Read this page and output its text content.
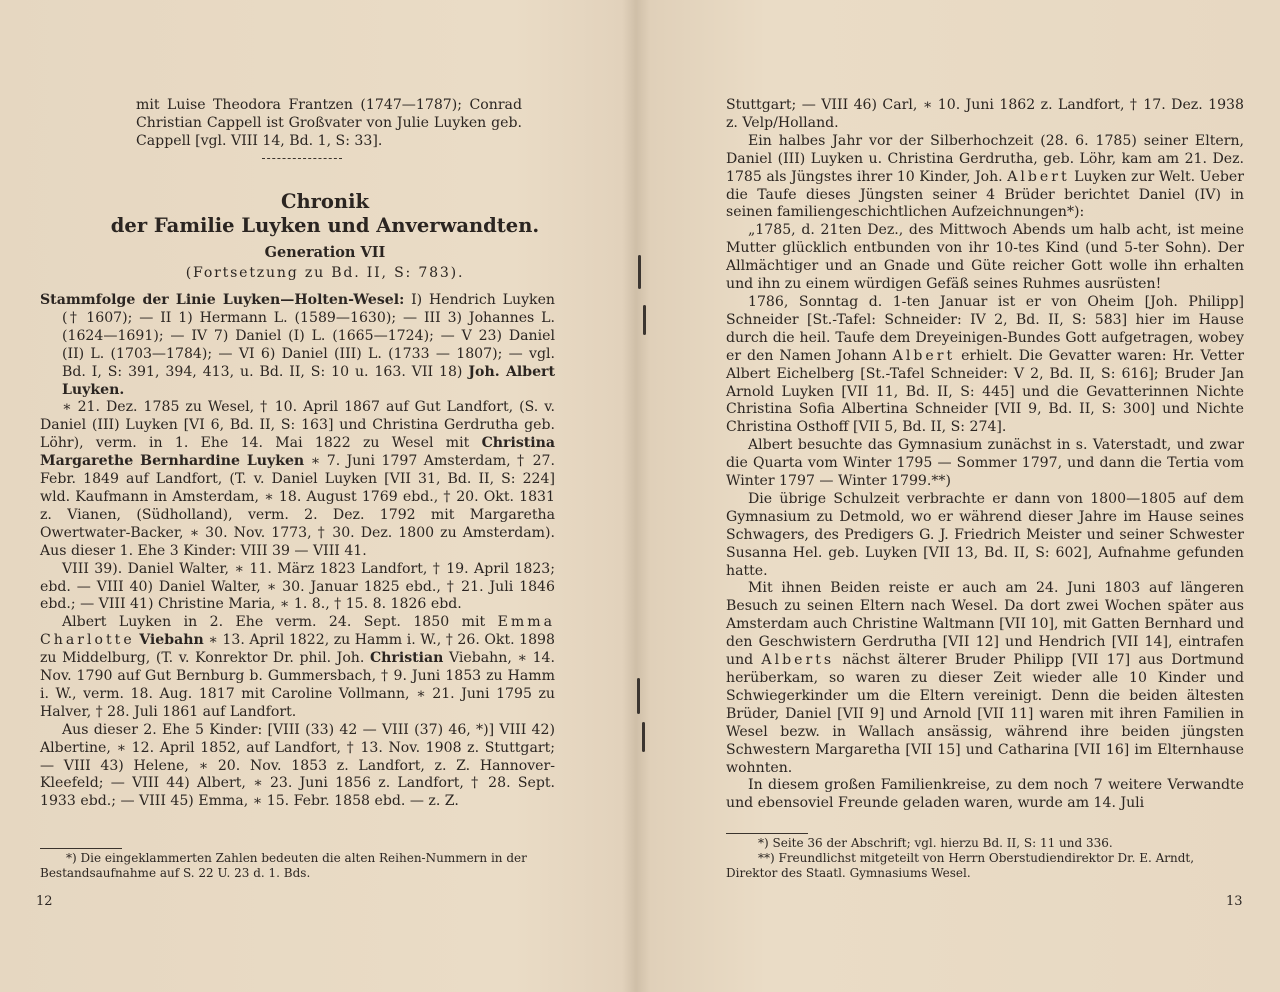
mit Luise Theodora Frantzen (1747—1787); Conrad Christian Cappell ist Großvater von Julie Luyken geb. Cappell [vgl. VIII 14, Bd. 1, S: 33].
Chronik
der Familie Luyken und Anverwandten.
Generation VII
(Fortsetzung zu Bd. II, S: 783).

Stammfolge der Linie Luyken—Holten-Wesel: I) Hendrich Luyken († 1607); — II 1) Hermann L. (1589—1630); — III 3) Johannes L. (1624—1691); — IV 7) Daniel (I) L. (1665—1724); — V 23) Daniel (II) L. (1703—1784); — VI 6) Daniel (III) L. (1733 — 1807); — vgl. Bd. I, S: 391, 394, 413, u. Bd. II, S: 10 u. 163. VII 18) Joh. Albert Luyken.

∗ 21. Dez. 1785 zu Wesel, † 10. April 1867 auf Gut Landfort, (S. v. Daniel (III) Luyken [VI 6, Bd. II, S: 163] und Christina Gerdrutha geb. Löhr), verm. in 1. Ehe 14. Mai 1822 zu Wesel mit Christina Margarethe Bernhardine Luyken ∗ 7. Juni 1797 Amsterdam, † 27. Febr. 1849 auf Landfort, (T. v. Daniel Luyken [VII 31, Bd. II, S: 224] wld. Kaufmann in Amsterdam, ∗ 18. August 1769 ebd., † 20. Okt. 1831 z. Vianen, (Südholland), verm. 2. Dez. 1792 mit Margaretha Owertwater-Backer, ∗ 30. Nov. 1773, † 30. Dez. 1800 zu Amsterdam). Aus dieser 1. Ehe 3 Kinder: VIII 39 — VIII 41.

VIII 39). Daniel Walter, ∗ 11. März 1823 Landfort, † 19. April 1823; ebd. — VIII 40) Daniel Walter, ∗ 30. Januar 1825 ebd., † 21. Juli 1846 ebd.; — VIII 41) Christine Maria, ∗ 1. 8., † 15. 8. 1826 ebd.

Albert Luyken in 2. Ehe verm. 24. Sept. 1850 mit Emma Charlotte Viebahn ∗ 13. April 1822, zu Hamm i. W., † 26. Okt. 1898 zu Middelburg, (T. v. Konrektor Dr. phil. Joh. Christian Viebahn, ∗ 14. Nov. 1790 auf Gut Bernburg b. Gummersbach, † 9. Juni 1853 zu Hamm i. W., verm. 18. Aug. 1817 mit Caroline Vollmann, ∗ 21. Juni 1795 zu Halver, † 28. Juli 1861 auf Landfort.

Aus dieser 2. Ehe 5 Kinder: [VIII (33) 42 — VIII (37) 46, *)] VIII 42) Albertine, ∗ 12. April 1852, auf Landfort, † 13. Nov. 1908 z. Stuttgart; — VIII 43) Helene, ∗ 20. Nov. 1853 z. Landfort, z. Z. Hannover-Kleefeld; — VIII 44) Albert, ∗ 23. Juni 1856 z. Landfort, † 28. Sept. 1933 ebd.; — VIII 45) Emma, ∗ 15. Febr. 1858 ebd. — z. Z.

*) Die eingeklammerten Zahlen bedeuten die alten Reihen-Nummern in der Bestandsaufnahme auf S. 22 U. 23 d. 1. Bds.
12

Stuttgart; — VIII 46) Carl, ∗ 10. Juni 1862 z. Landfort, † 17. Dez. 1938 z. Velp/Holland.

Ein halbes Jahr vor der Silberhochzeit (28. 6. 1785) seiner Eltern, Daniel (III) Luyken u. Christina Gerdrutha, geb. Löhr, kam am 21. Dez. 1785 als Jüngstes ihrer 10 Kinder, Joh. Albert Luyken zur Welt. Ueber die Taufe dieses Jüngsten seiner 4 Brüder berichtet Daniel (IV) in seinen familiengeschichtlichen Aufzeichnungen*):

„1785, d. 21ten Dez., des Mittwoch Abends um halb acht, ist meine Mutter glücklich entbunden von ihr 10-tes Kind (und 5-ter Sohn). Der Allmächtiger und an Gnade und Güte reicher Gott wolle ihn erhalten und ihn zu einem würdigen Gefäß seines Ruhmes ausrüsten!

1786, Sonntag d. 1-ten Januar ist er von Oheim [Joh. Philipp] Schneider [St.-Tafel: Schneider: IV 2, Bd. II, S: 583] hier im Hause durch die heil. Taufe dem Dreyeinigen-Bundes Gott aufgetragen, wobey er den Namen Johann Albert erhielt. Die Gevatter waren: Hr. Vetter Albert Eichelberg [St.-Tafel Schneider: V 2, Bd. II, S: 616]; Bruder Jan Arnold Luyken [VII 11, Bd. II, S: 445] und die Gevatterinnen Nichte Christina Sofia Albertina Schneider [VII 9, Bd. II, S: 300] und Nichte Christina Osthoff [VII 5, Bd. II, S: 274].

Albert besuchte das Gymnasium zunächst in s. Vaterstadt, und zwar die Quarta vom Winter 1795 — Sommer 1797, und dann die Tertia vom Winter 1797 — Winter 1799.**)

Die übrige Schulzeit verbrachte er dann von 1800—1805 auf dem Gymnasium zu Detmold, wo er während dieser Jahre im Hause seines Schwagers, des Predigers G. J. Friedrich Meister und seiner Schwester Susanna Hel. geb. Luyken [VII 13, Bd. II, S: 602], Aufnahme gefunden hatte.

Mit ihnen Beiden reiste er auch am 24. Juni 1803 auf längeren Besuch zu seinen Eltern nach Wesel. Da dort zwei Wochen später aus Amsterdam auch Christine Waltmann [VII 10], mit Gatten Bernhard und den Geschwistern Gerdrutha [VII 12] und Hendrich [VII 14], eintrafen und Alberts nächst älterer Bruder Philipp [VII 17] aus Dortmund herüberkam, so waren zu dieser Zeit wieder alle 10 Kinder und Schwiegerkinder um die Eltern vereinigt. Denn die beiden ältesten Brüder, Daniel [VII 9] und Arnold [VII 11] waren mit ihren Familien in Wesel bezw. in Wallach ansässig, während ihre beiden jüngsten Schwestern Margaretha [VII 15] und Catharina [VII 16] im Elternhause wohnten.

In diesem großen Familienkreise, zu dem noch 7 weitere Verwandte und ebensoviel Freunde geladen waren, wurde am 14. Juli

13

*) Seite 36 der Abschrift; vgl. hierzu Bd. II, S: 11 und 336.

**) Freundlichst mitgeteilt von Herrn Oberstudiendirektor Dr. E. Arndt, Direktor des Staatl. Gymnasiums Wesel.
